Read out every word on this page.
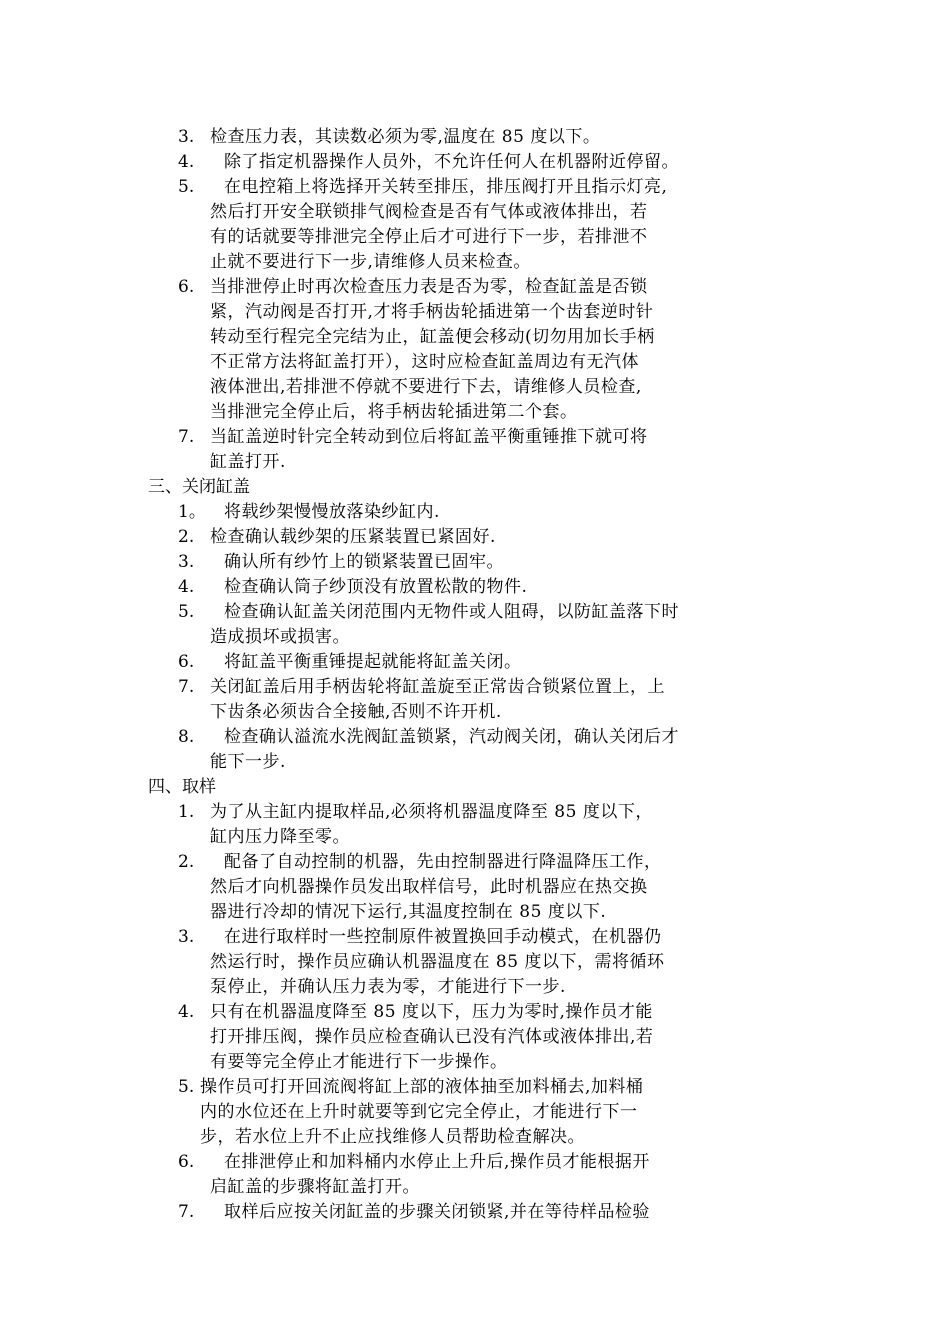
3. 检查压力表，其读数必须为零,温度在 85 度以下。
4. 除了指定机器操作人员外，不允许任何人在机器附近停留。
5. 在电控箱上将选择开关转至排压，排压阀打开且指示灯亮,
然后打开安全联锁排气阀检查是否有气体或液体排出，若
有的话就要等排泄完全停止后才可进行下一步，若排泄不
止就不要进行下一步,请维修人员来检查。
6. 当排泄停止时再次检查压力表是否为零，检查缸盖是否锁
紧，汽动阀是否打开,才将手柄齿轮插进第一个齿套逆时针
转动至行程完全完结为止，缸盖便会移动(切勿用加长手柄
不正常方法将缸盖打开），这时应检查缸盖周边有无汽体
液体泄出,若排泄不停就不要进行下去，请维修人员检查,
当排泄完全停止后，将手柄齿轮插进第二个套。
7. 当缸盖逆时针完全转动到位后将缸盖平衡重锤推下就可将
缸盖打开.
三、关闭缸盖
1。 将载纱架慢慢放落染纱缸内.
2. 检查确认载纱架的压紧装置已紧固好.
3. 确认所有纱竹上的锁紧装置已固牢。
4. 检查确认筒子纱顶没有放置松散的物件.
5. 检查确认缸盖关闭范围内无物件或人阻碍，以防缸盖落下时
造成损坏或损害。
6. 将缸盖平衡重锤提起就能将缸盖关闭。
7. 关闭缸盖后用手柄齿轮将缸盖旋至正常齿合锁紧位置上，上
下齿条必须齿合全接触,否则不许开机.
8. 检查确认溢流水洗阀缸盖锁紧，汽动阀关闭，确认关闭后才
能下一步.
四、取样
1. 为了从主缸内提取样品,必须将机器温度降至 85 度以下，
缸内压力降至零。
2. 配备了自动控制的机器，先由控制器进行降温降压工作，
然后才向机器操作员发出取样信号，此时机器应在热交换
器进行冷却的情况下运行,其温度控制在 85 度以下.
3. 在进行取样时一些控制原件被置换回手动模式，在机器仍
然运行时，操作员应确认机器温度在 85 度以下，需将循环
泵停止，并确认压力表为零，才能进行下一步.
4. 只有在机器温度降至 85 度以下，压力为零时,操作员才能
打开排压阀，操作员应检查确认已没有汽体或液体排出,若
有要等完全停止才能进行下一步操作。
5. 操作员可打开回流阀将缸上部的液体抽至加料桶去,加料桶
内的水位还在上升时就要等到它完全停止，才能进行下一
步，若水位上升不止应找维修人员帮助检查解决。
6. 在排泄停止和加料桶内水停止上升后,操作员才能根据开
启缸盖的步骤将缸盖打开。
7. 取样后应按关闭缸盖的步骤关闭锁紧,并在等待样品检验
